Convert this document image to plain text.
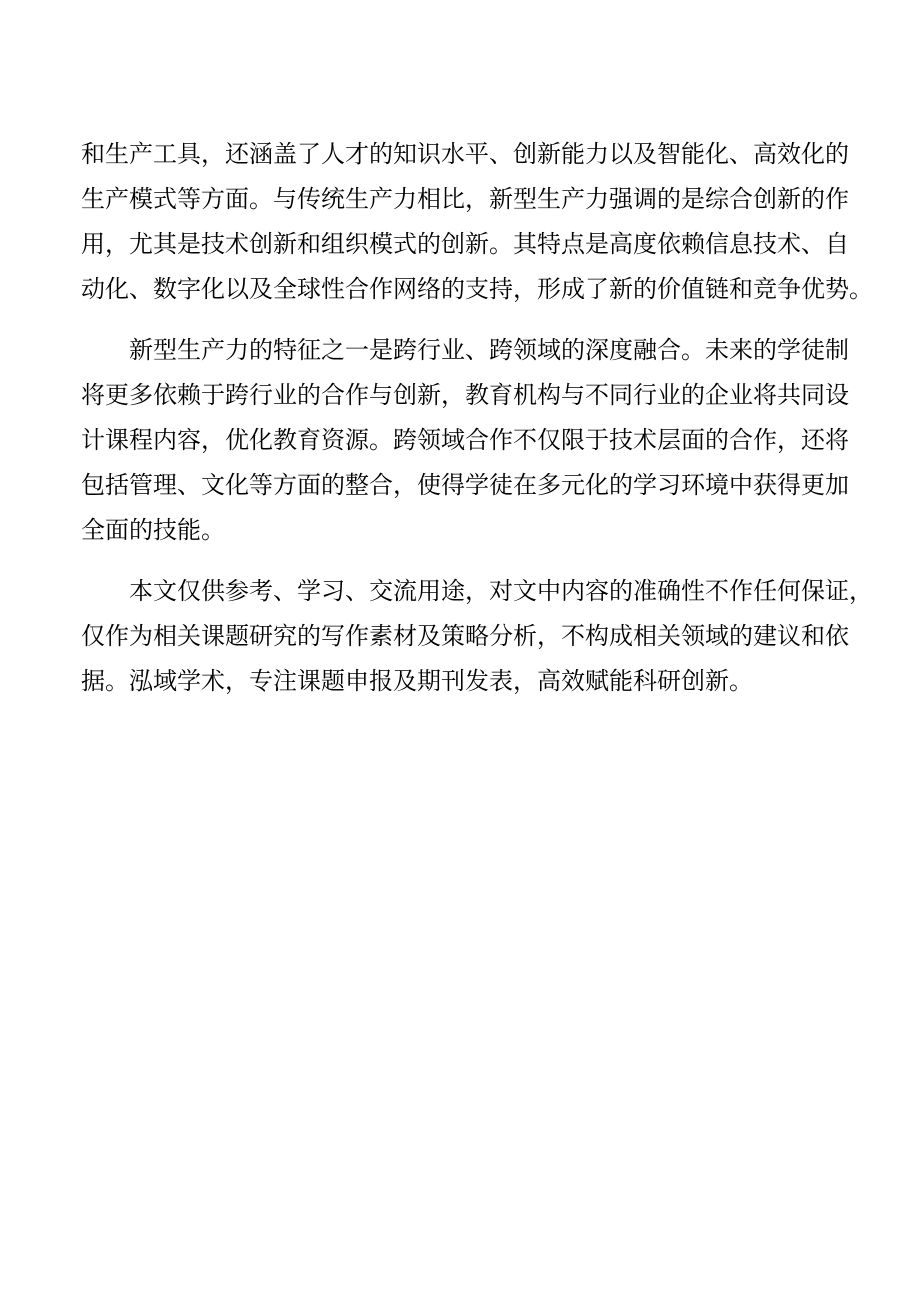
和生产工具，还涵盖了人才的知识水平、创新能力以及智能化、高效化的
生产模式等方面。与传统生产力相比，新型生产力强调的是综合创新的作
用，尤其是技术创新和组织模式的创新。其特点是高度依赖信息技术、自
动化、数字化以及全球性合作网络的支持，形成了新的价值链和竞争优势。
新型生产力的特征之一是跨行业、跨领域的深度融合。未来的学徒制
将更多依赖于跨行业的合作与创新，教育机构与不同行业的企业将共同设
计课程内容，优化教育资源。跨领域合作不仅限于技术层面的合作，还将
包括管理、文化等方面的整合，使得学徒在多元化的学习环境中获得更加
全面的技能。
本文仅供参考、学习、交流用途，对文中内容的准确性不作任何保证，
仅作为相关课题研究的写作素材及策略分析，不构成相关领域的建议和依
据。泓域学术，专注课题申报及期刊发表，高效赋能科研创新。
